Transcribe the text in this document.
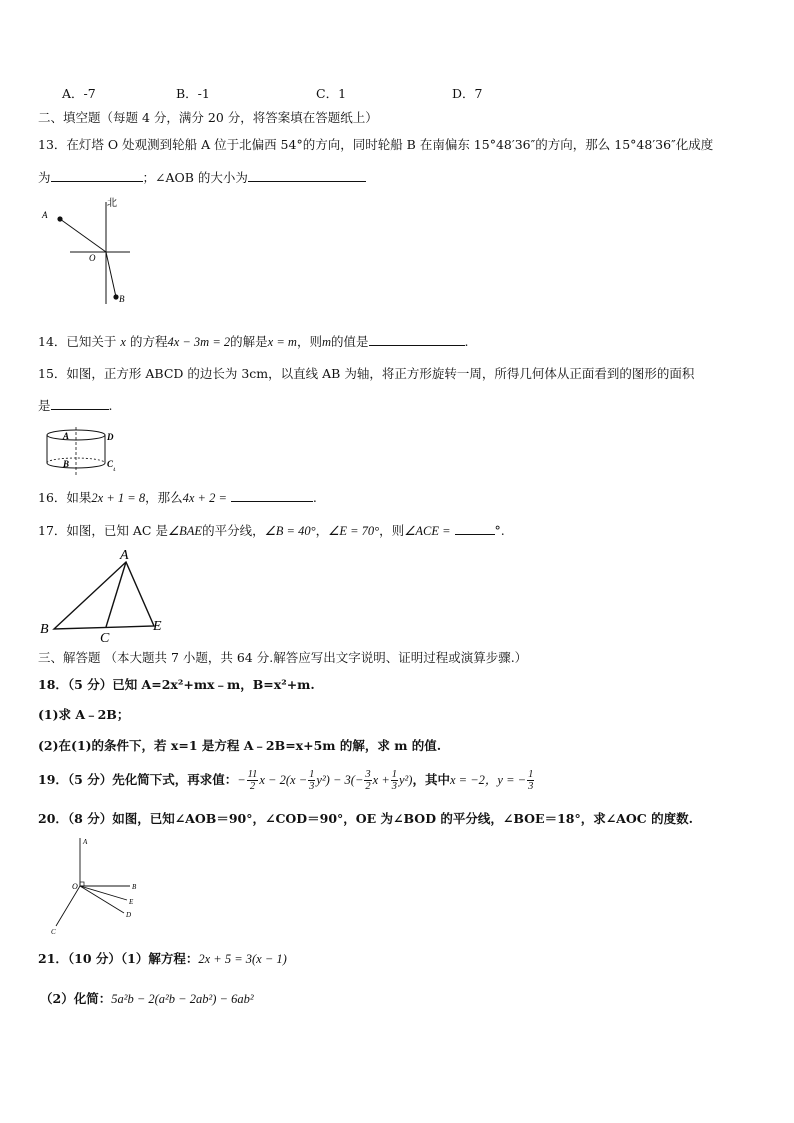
A．-7	B．-1	C．1	D．7
二、填空题（每题 4 分，满分 20 分，将答案填在答题纸上）
13．在灯塔 O 处观测到轮船 A 位于北偏西 54°的方向，同时轮船 B 在南偏东 15°48′36″的方向，那么 15°48′36″化成度
为	；∠AOB 的大小为
北
A
O
B
14．已知关于 x 的方程4x − 3m = 2的解是x = m，则m的值是	.
15．如图，正方形 ABCD 的边长为 3cm，以直线 AB 为轴，将正方形旋转一周，所得几何体从正面看到的图形的面积
是	.
A
B
D
C
4
16．如果2x + 1 = 8，那么4x + 2 =	.
17．如图，已知 AC 是∠BAE的平分线，∠B = 40°，∠E = 70°，则∠ACE =	°.
A
B
C
E
三、解答题 （本大题共 7 小题，共 64 分.解答应写出文字说明、证明过程或演算步骤.）
18．（5 分）已知 A=2x²+mx﹣m，B=x²+m.
(1)求 A﹣2B；
(2)在(1)的条件下，若 x=1 是方程 A﹣2B=x+5m 的解，求 m 的值.
19．（5 分）先化简下式，再求值：− $\frac{11}{2}$ $x - 2(x - \frac{1}{3} y^2) - 3(- \frac{3}{2}$ $x + \frac{1}{3} y^2$)，其中x = −2，y = − $\frac{1}{3}$
20．（8 分）如图，已知∠AOB＝90°，∠COD＝90°，OE 为∠BOD 的平分线，∠BOE＝18°，求∠AOC 的度数.
A
O	B
E
D
C
21．（10 分）（1）解方程：2x + 5 = 3(x − 1)
（2）化简：5a²b − 2(a²b − 2ab²) − 6ab²
